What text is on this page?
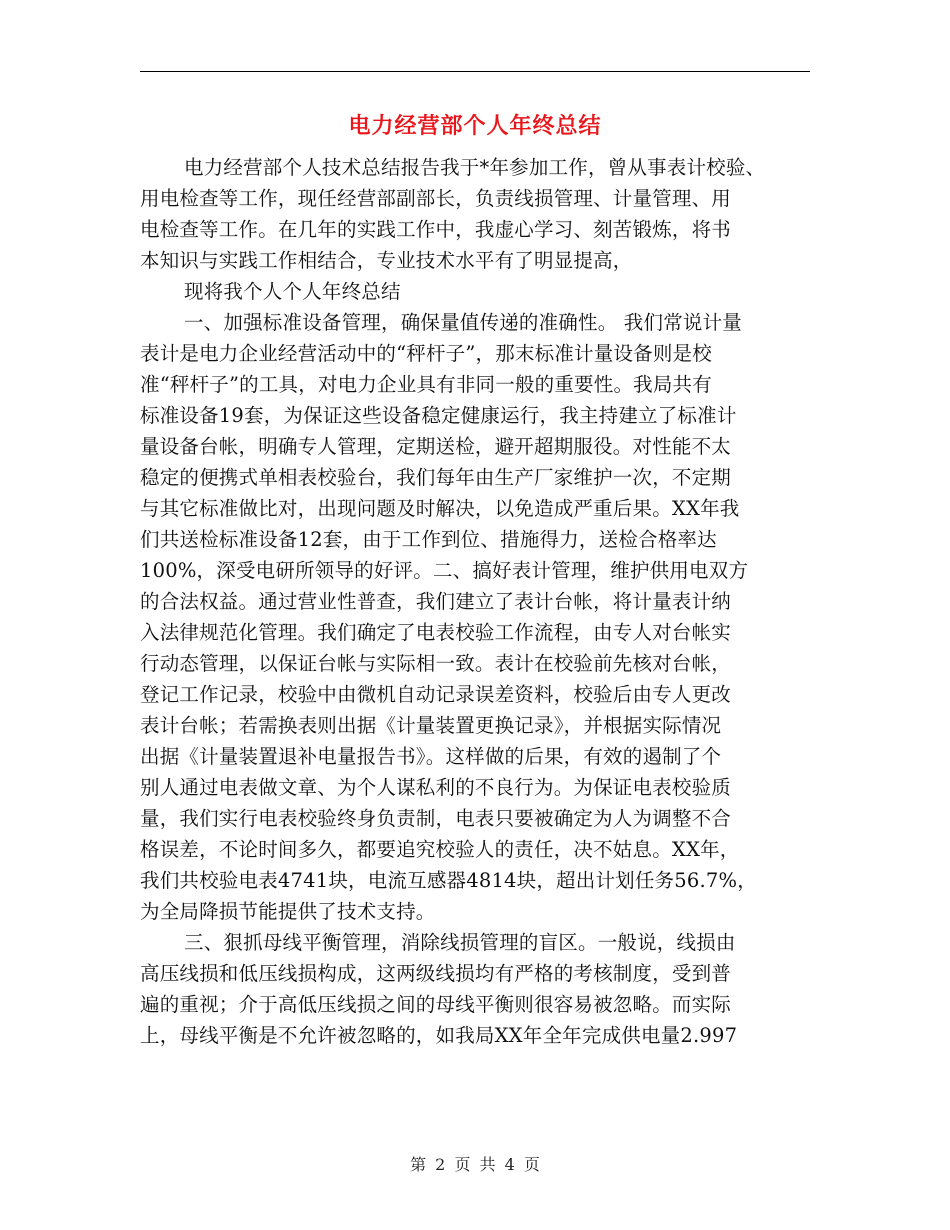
电力经营部个人年终总结
电力经营部个人技术总结报告我于*年参加工作，曾从事表计校验、
用电检查等工作，现任经营部副部长，负责线损管理、计量管理、用
电检查等工作。在几年的实践工作中，我虚心学习、刻苦锻炼，将书
本知识与实践工作相结合，专业技术水平有了明显提高，
现将我个人个人年终总结
一、加强标准设备管理，确保量值传递的准确性。 我们常说计量
表计是电力企业经营活动中的“秤杆子”，那末标准计量设备则是校
准“秤杆子”的工具，对电力企业具有非同一般的重要性。我局共有
标准设备19套，为保证这些设备稳定健康运行，我主持建立了标准计
量设备台帐，明确专人管理，定期送检，避开超期服役。对性能不太
稳定的便携式单相表校验台，我们每年由生产厂家维护一次，不定期
与其它标准做比对，出现问题及时解决，以免造成严重后果。XX年我
们共送检标准设备12套，由于工作到位、措施得力，送检合格率达
100%，深受电研所领导的好评。二、搞好表计管理，维护供用电双方
的合法权益。通过营业性普查，我们建立了表计台帐，将计量表计纳
入法律规范化管理。我们确定了电表校验工作流程，由专人对台帐实
行动态管理，以保证台帐与实际相一致。表计在校验前先核对台帐，
登记工作记录，校验中由微机自动记录误差资料，校验后由专人更改
表计台帐；若需换表则出据《计量装置更换记录》，并根据实际情况
出据《计量装置退补电量报告书》。这样做的后果，有效的遏制了个
别人通过电表做文章、为个人谋私利的不良行为。为保证电表校验质
量，我们实行电表校验终身负责制，电表只要被确定为人为调整不合
格误差，不论时间多久，都要追究校验人的责任，决不姑息。XX年，
我们共校验电表4741块，电流互感器4814块，超出计划任务56.7%，
为全局降损节能提供了技术支持。
三、狠抓母线平衡管理，消除线损管理的盲区。一般说，线损由
高压线损和低压线损构成，这两级线损均有严格的考核制度，受到普
遍的重视；介于高低压线损之间的母线平衡则很容易被忽略。而实际
上，母线平衡是不允许被忽略的，如我局XX年全年完成供电量2.997
第 2 页 共 4 页
